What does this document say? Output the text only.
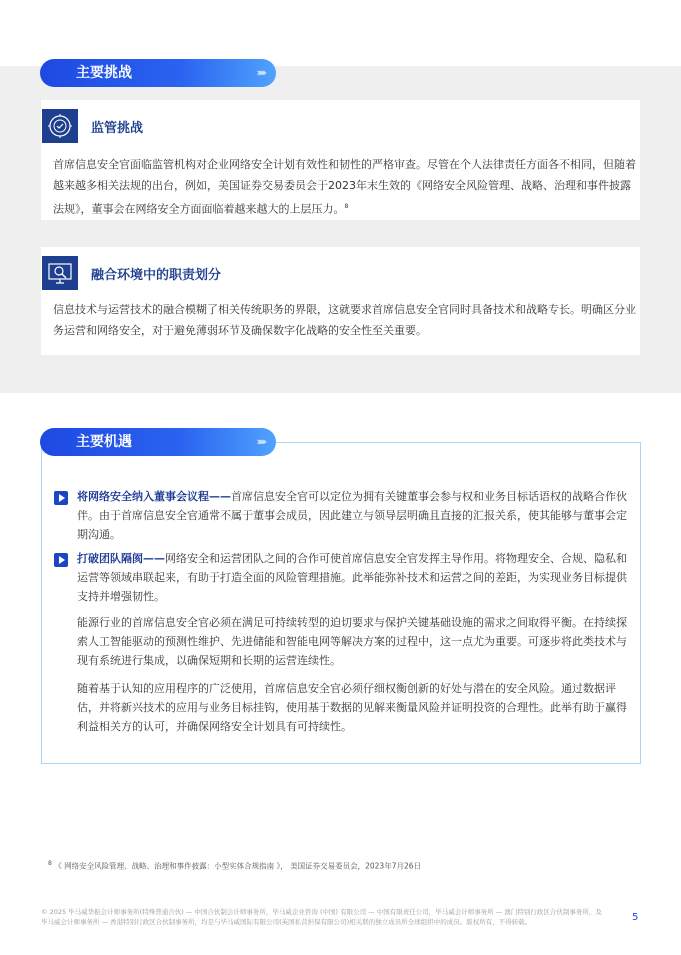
主要挑战	›››››
监管挑战
首席信息安全官面临监管机构对企业网络安全计划有效性和韧性的严格审查。尽管在个人法律责任方面各不相同，但随着越来越多相关法规的出台，例如，美国证券交易委员会于2023年末生效的《网络安全风险管理、战略、治理和事件披露法规》，董事会在网络安全方面面临着越来越大的上层压力。$^8$
融合环境中的职责划分
信息技术与运营技术的融合模糊了相关传统职务的界限，这就要求首席信息安全官同时具备技术和战略专长。明确区分业务运营和网络安全，对于避免薄弱环节及确保数字化战略的安全性至关重要。
主要机遇	›››››
将网络安全纳入董事会议程——首席信息安全官可以定位为拥有关键董事会参与权和业务目标话语权的战略合作伙伴。由于首席信息安全官通常不属于董事会成员，因此建立与领导层明确且直接的汇报关系，使其能够与董事会定期沟通。
打破团队隔阂——网络安全和运营团队之间的合作可使首席信息安全官发挥主导作用。将物理安全、合规、隐私和运营等领域串联起来，有助于打造全面的风险管理措施。此举能弥补技术和运营之间的差距，为实现业务目标提供支持并增强韧性。
能源行业的首席信息安全官必须在满足可持续转型的迫切要求与保护关键基础设施的需求之间取得平衡。在持续探索人工智能驱动的预测性维护、先进储能和智能电网等解决方案的过程中，这一点尤为重要。可逐步将此类技术与现有系统进行集成，以确保短期和长期的运营连续性。
随着基于认知的应用程序的广泛使用，首席信息安全官必须仔细权衡创新的好处与潜在的安全风险。通过数据评估，并将新兴技术的应用与业务目标挂钩，使用基于数据的见解来衡量风险并证明投资的合理性。此举有助于赢得利益相关方的认可，并确保网络安全计划具有可持续性。
$^8$ 《 网络安全风险管理、战略、治理和事件披露：小型实体合规指南 》， 美国证券交易委员会，2023年7月26日
© 2025 毕马威华振会计师事务所(特殊普通合伙) — 中国合伙制会计师事务所，毕马威企业咨询 (中国) 有限公司 — 中国有限责任公司，毕马威会计师事务所 — 澳门特别行政区合伙制事务所，及毕马威会计师事务所 — 香港特别行政区合伙制事务所，均是与毕马威国际有限公司(英国私营担保有限公司)相关联的独立成员所全球组织中的成员。版权所有，不得转载。	5
